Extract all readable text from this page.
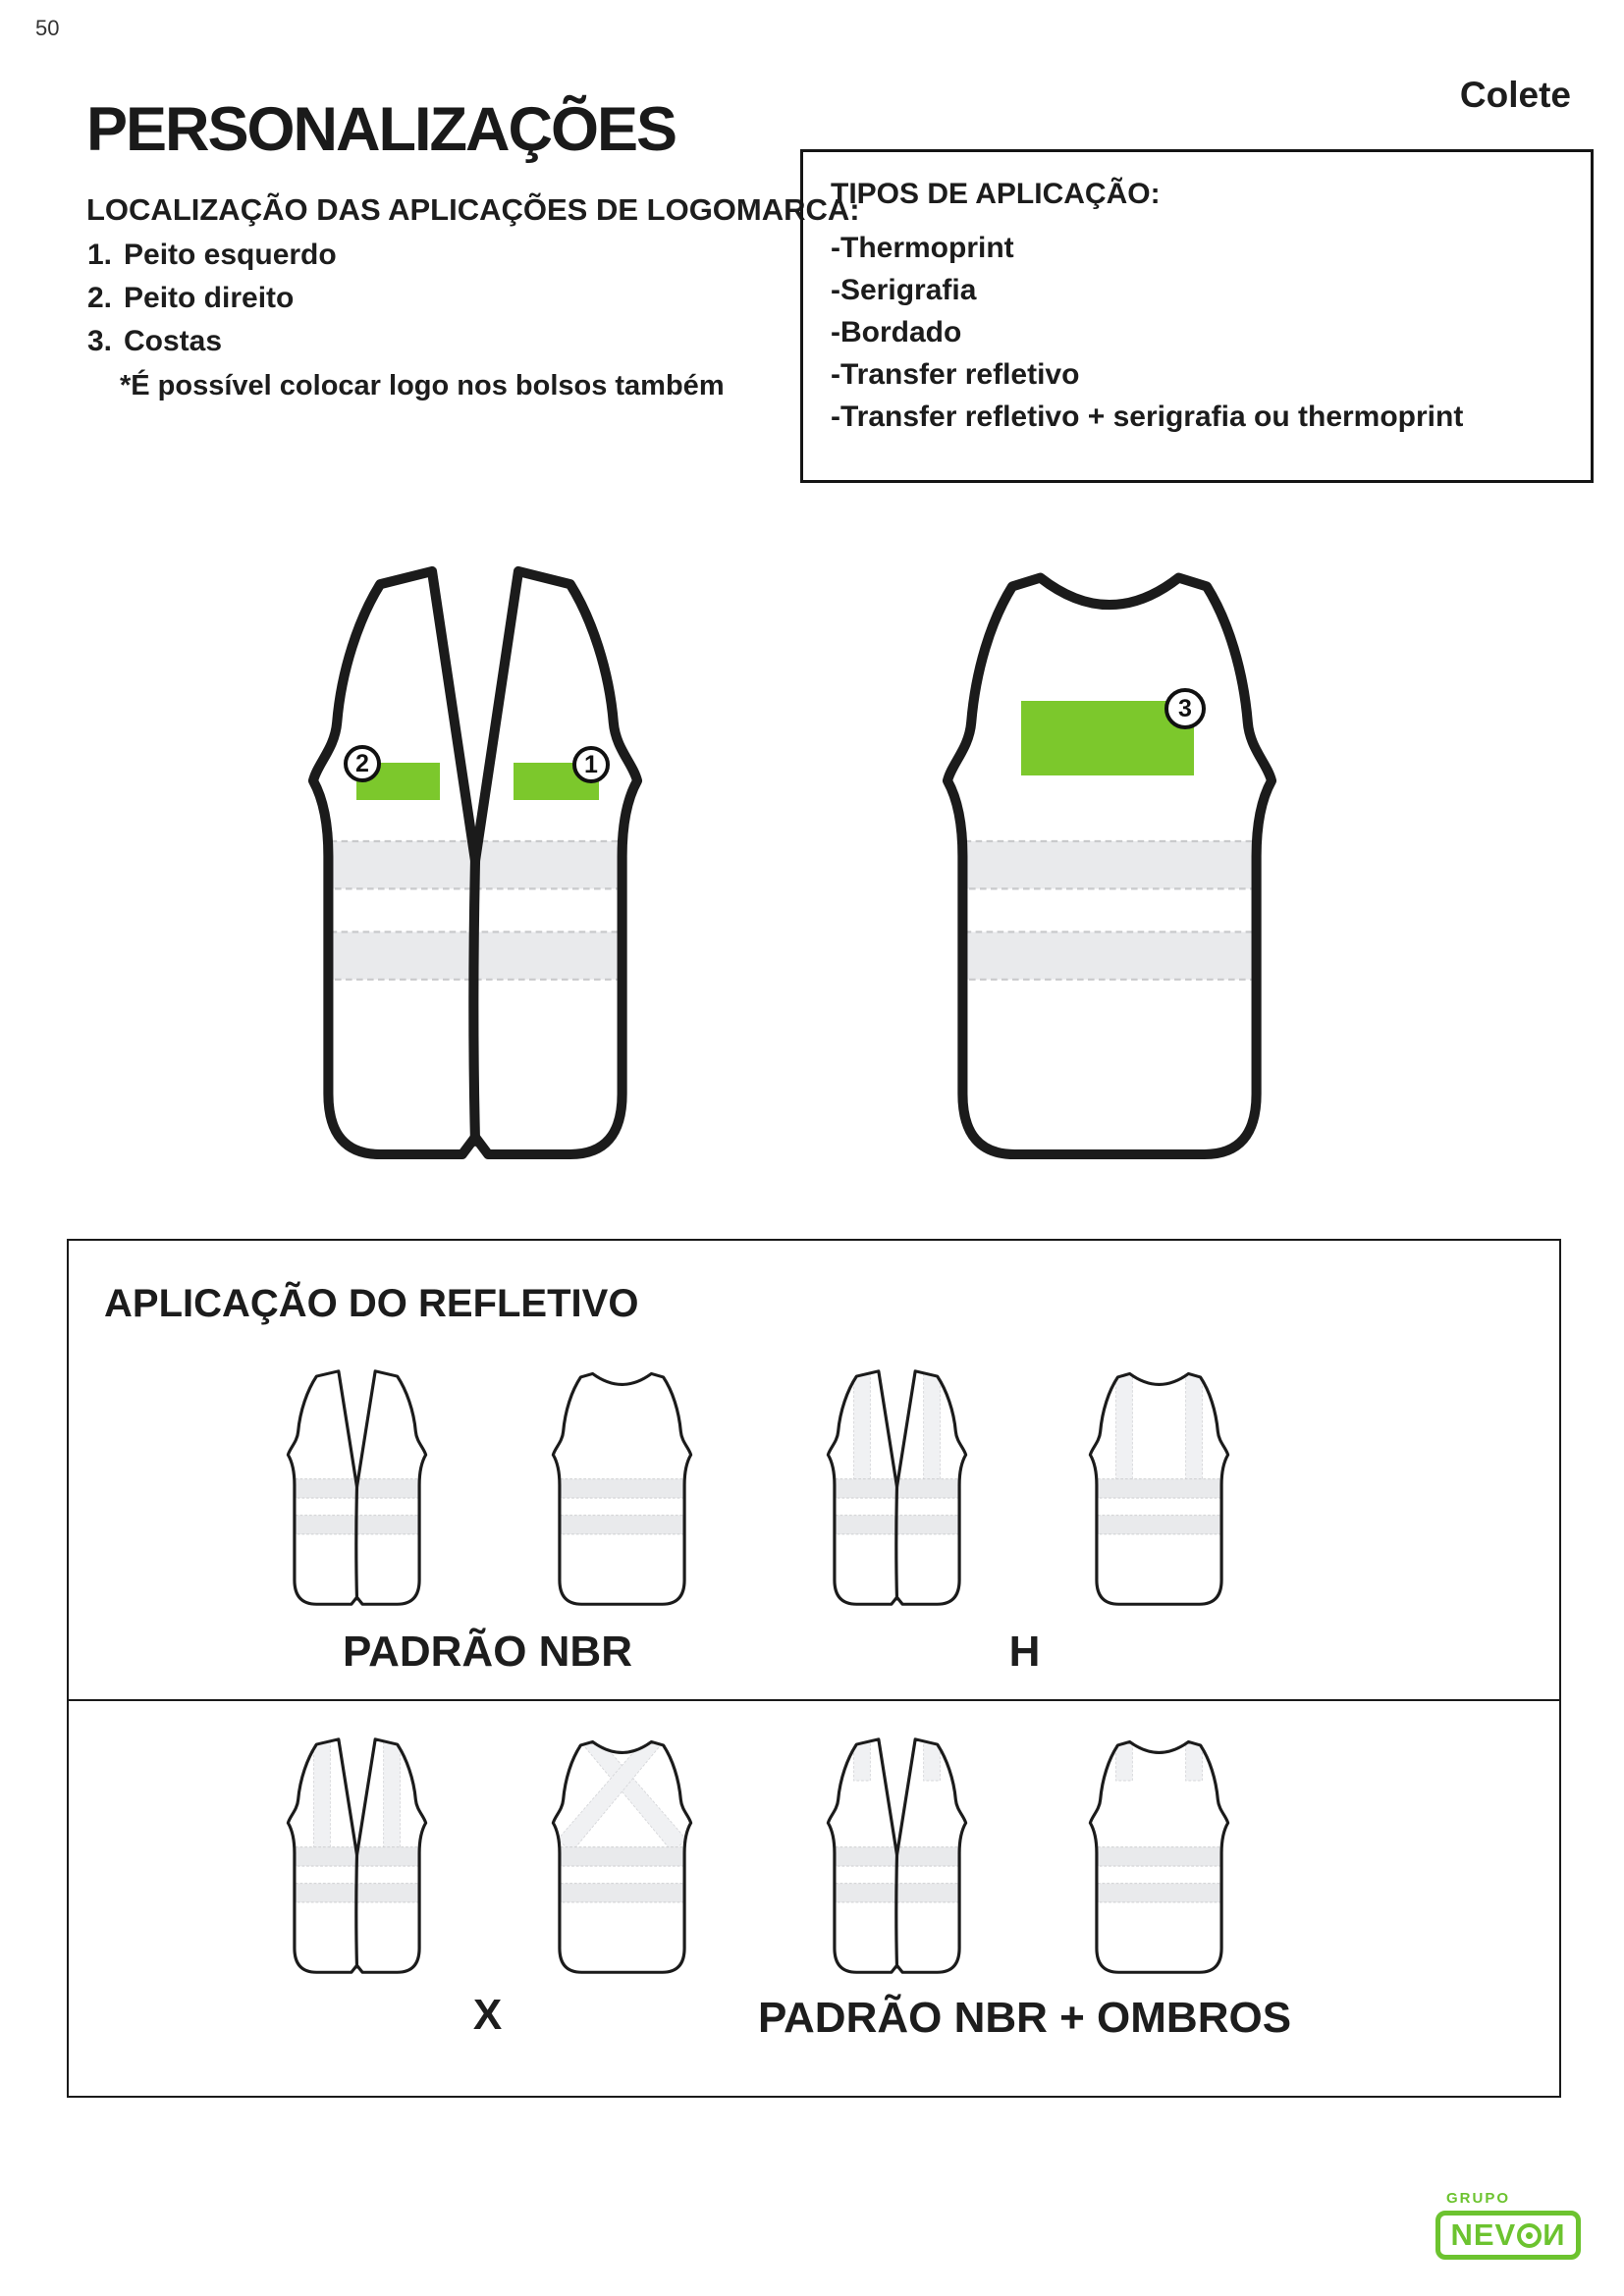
50
Colete
PERSONALIZAÇÕES
LOCALIZAÇÃO DAS APLICAÇÕES DE LOGOMARCA:
1. Peito esquerdo
2. Peito direito
3. Costas
*É possível colocar logo nos bolsos também
TIPOS DE APLICAÇÃO:
-Thermoprint
-Serigrafia
-Bordado
-Transfer refletivo
-Transfer refletivo + serigrafia ou thermoprint
2	1
3
APLICAÇÃO DO REFLETIVO
PADRÃO NBR	H
X	PADRÃO NBR + OMBROS
GRUPO
NEV И
